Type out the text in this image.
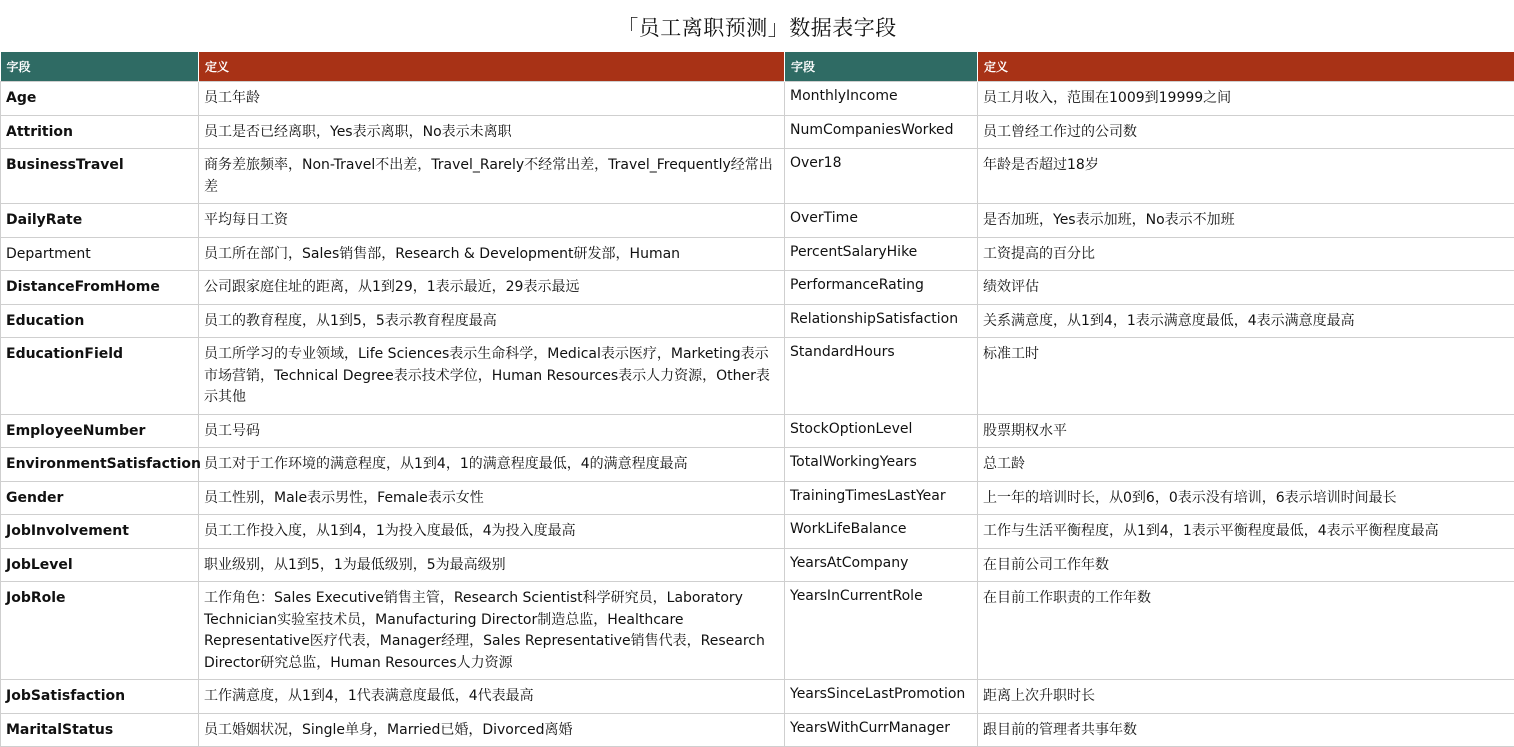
「员工离职预测」数据表字段
字段	定义	字段	定义
Age	员工年龄	MonthlyIncome	员工月收入，范围在1009到19999之间
Attrition	员工是否已经离职，Yes表示离职，No表示未离职	NumCompaniesWorked	员工曾经工作过的公司数
BusinessTravel	商务差旅频率，Non-Travel不出差，Travel_Rarely不经常出差，Travel_Frequently经常出差	Over18	年龄是否超过18岁
DailyRate	平均每日工资	OverTime	是否加班，Yes表示加班，No表示不加班
Department	员工所在部门，Sales销售部，Research & Development研发部，Human	PercentSalaryHike	工资提高的百分比
DistanceFromHome	公司跟家庭住址的距离，从1到29，1表示最近，29表示最远	PerformanceRating	绩效评估
Education	员工的教育程度，从1到5，5表示教育程度最高	RelationshipSatisfaction	关系满意度，从1到4，1表示满意度最低，4表示满意度最高
EducationField	员工所学习的专业领域，Life Sciences表示生命科学，Medical表示医疗，Marketing表示市场营销，Technical Degree表示技术学位，Human Resources表示人力资源，Other表示其他	StandardHours	标准工时
EmployeeNumber	员工号码	StockOptionLevel	股票期权水平
EnvironmentSatisfaction	员工对于工作环境的满意程度，从1到4，1的满意程度最低，4的满意程度最高	TotalWorkingYears	总工龄
Gender	员工性别，Male表示男性，Female表示女性	TrainingTimesLastYear	上一年的培训时长，从0到6，0表示没有培训，6表示培训时间最长
JobInvolvement	员工工作投入度，从1到4，1为投入度最低，4为投入度最高	WorkLifeBalance	工作与生活平衡程度，从1到4，1表示平衡程度最低，4表示平衡程度最高
JobLevel	职业级别，从1到5，1为最低级别，5为最高级别	YearsAtCompany	在目前公司工作年数
JobRole	工作角色：Sales Executive销售主管，Research Scientist科学研究员，Laboratory Technician实验室技术员，Manufacturing Director制造总监，Healthcare Representative医疗代表，Manager经理，Sales Representative销售代表，Research Director研究总监，Human Resources人力资源	YearsInCurrentRole	在目前工作职责的工作年数
JobSatisfaction	工作满意度，从1到4，1代表满意度最低，4代表最高	YearsSinceLastPromotion	距离上次升职时长
MaritalStatus	员工婚姻状况，Single单身，Married已婚，Divorced离婚	YearsWithCurrManager	跟目前的管理者共事年数
